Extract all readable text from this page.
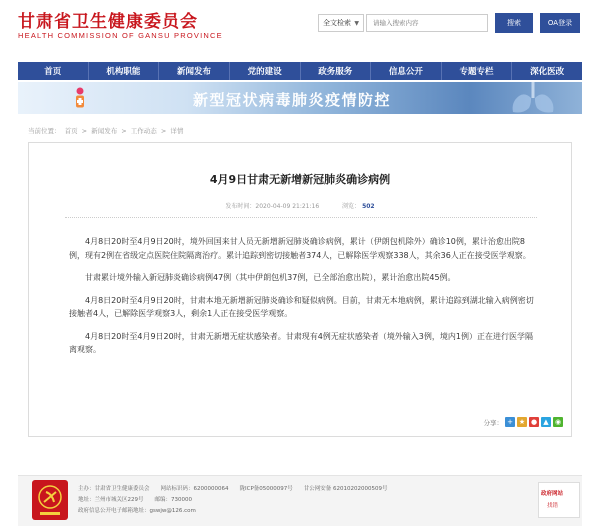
甘肃省卫生健康委员会
HEALTH COMMISSION OF GANSU PROVINCE
全文检索 ▼
请输入搜索内容	搜索	OA登录
首页	机构职能	新闻发布	党的建设	政务服务	信息公开	专题专栏	深化医改
新型冠状病毒肺炎疫情防控
当前位置： 首页 > 新闻发布 > 工作动态 > 详情
4月9日甘肃无新增新冠肺炎确诊病例
发布时间：2020-04-09 21:21:16	浏览： 502

4月8日20时至4月9日20时，境外回国来甘人员无新增新冠肺炎确诊病例，累计（伊朗包机除外）确诊10例，累计治愈出院8例，现有2例在省级定点医院住院隔离治疗。累计追踪到密切接触者374人，已解除医学观察338人，其余36人正在接受医学观察。

甘肃累计境外输入新冠肺炎确诊病例47例（其中伊朗包机37例，已全部治愈出院），累计治愈出院45例。

4月8日20时至4月9日20时，甘肃本地无新增新冠肺炎确诊和疑似病例。目前，甘肃无本地病例，累计追踪到湖北输入病例密切接触者4人，已解除医学观察3人，剩余1人正在接受医学观察。

4月8日20时至4月9日20时，甘肃无新增无症状感染者。甘肃现有4例无症状感染者（境外输入3例，境内1例）正在进行医学隔离观察。

分享： + ★ ● ▲ ◉
主办：甘肃省卫生健康委员会　　网站标识码：6200000064　　陇ICP备05000097号　　甘公网安备 62010202000509号
地址：兰州市城关区229号　　邮编：730000
政府信息公开电子邮箱地址：gswjw@126.com
政府网站
找错
